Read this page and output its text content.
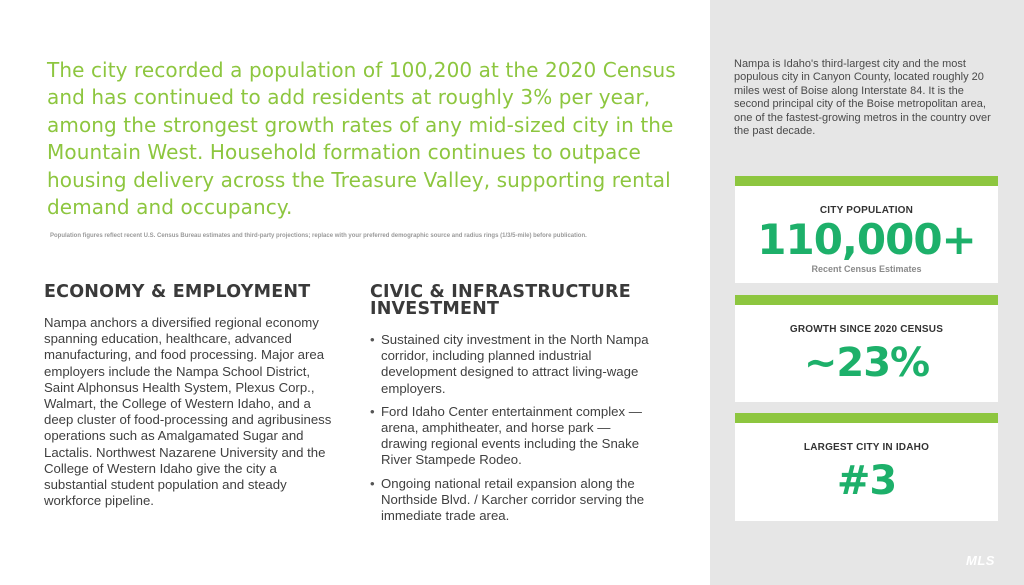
The city recorded a population of 100,200 at the 2020 Census and has continued to add residents at roughly 3% per year, among the strongest growth rates of any mid-sized city in the Mountain West. Household formation continues to outpace housing delivery across the Treasure Valley, supporting rental demand and occupancy.
Population figures reflect recent U.S. Census Bureau estimates and third-party projections; replace with your preferred demographic source and radius rings (1/3/5-mile) before publication.
ECONOMY & EMPLOYMENT
Nampa anchors a diversified regional economy spanning education, healthcare, advanced manufacturing, and food processing. Major area employers include the Nampa School District, Saint Alphonsus Health System, Plexus Corp., Walmart, the College of Western Idaho, and a deep cluster of food-processing and agribusiness operations such as Amalgamated Sugar and Lactalis. Northwest Nazarene University and the College of Western Idaho give the city a substantial student population and steady workforce pipeline.
CIVIC & INFRASTRUCTURE INVESTMENT
• Sustained city investment in the North Nampa corridor, including planned industrial development designed to attract living-wage employers.
• Ford Idaho Center entertainment complex — arena, amphitheater, and horse park — drawing regional events including the Snake River Stampede Rodeo.
• Ongoing national retail expansion along the Northside Blvd. / Karcher corridor serving the immediate trade area.
Nampa is Idaho's third-largest city and the most populous city in Canyon County, located roughly 20 miles west of Boise along Interstate 84. It is the second principal city of the Boise metropolitan area, one of the fastest-growing metros in the country over the past decade.
CITY POPULATION
110,000+
Recent Census Estimates
GROWTH SINCE 2020 CENSUS
~23%
LARGEST CITY IN IDAHO
#3
MLS
